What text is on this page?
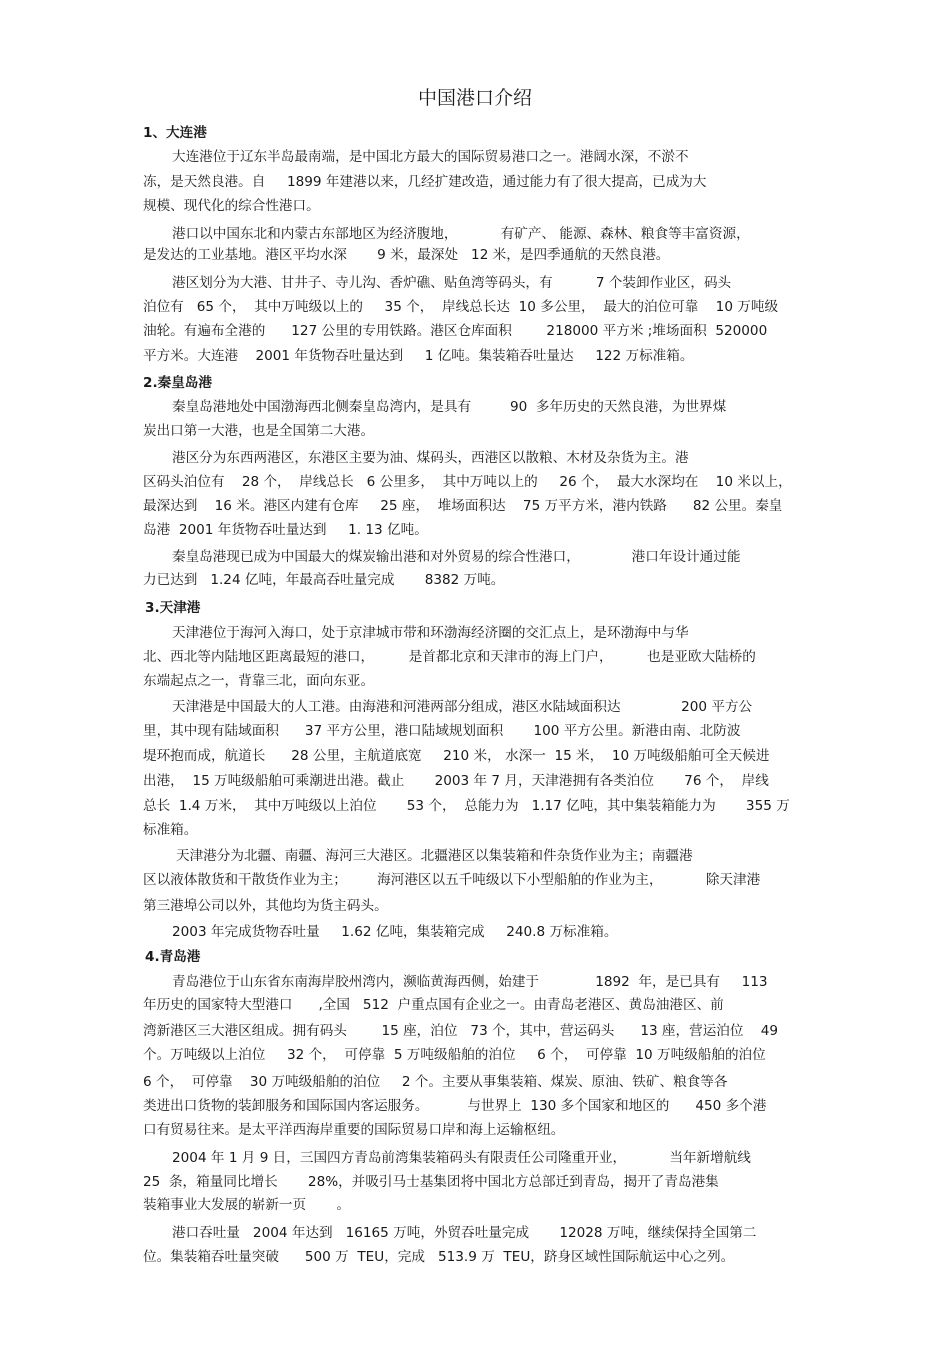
中国港口介绍
1、大连港
大连港位于辽东半岛最南端，是中国北方最大的国际贸易港口之一。港阔水深，不淤不
冻，是天然良港。自     1899 年建港以来，几经扩建改造，通过能力有了很大提高，已成为大
规模、现代化的综合性港口。
港口以中国东北和内蒙古东部地区为经济腹地，          有矿产、 能源、森林、粮食等丰富资源，
是发达的工业基地。港区平均水深       9 米，最深处   12 米，是四季通航的天然良港。
港区划分为大港、甘井子、寺儿沟、香炉礁、贴鱼湾等码头，有          7 个装卸作业区，码头
泊位有   65 个，  其中万吨级以上的     35 个，  岸线总长达  10 多公里，  最大的泊位可靠    10 万吨级
油轮。有遍布全港的      127 公里的专用铁路。港区仓库面积        218000 平方米 ;堆场面积  520000
平方米。大连港    2001 年货物吞吐量达到     1 亿吨。集装箱吞吐量达     122 万标准箱。
2.秦皇岛港
秦皇岛港地处中国渤海西北侧秦皇岛湾内，是具有         90  多年历史的天然良港，为世界煤
炭出口第一大港，也是全国第二大港。
港区分为东西两港区，东港区主要为油、煤码头，西港区以散粮、木材及杂货为主。港
区码头泊位有    28 个，  岸线总长   6 公里多，  其中万吨以上的     26 个，  最大水深均在    10 米以上，
最深达到    16 米。港区内建有仓库     25 座，  堆场面积达    75 万平方米，港内铁路      82 公里。秦皇
岛港  2001 年货物吞吐量达到     1. 13 亿吨。
秦皇岛港现已成为中国最大的煤炭输出港和对外贸易的综合性港口，            港口年设计通过能
力已达到   1.24 亿吨，年最高吞吐量完成       8382 万吨。
3.天津港
天津港位于海河入海口，处于京津城市带和环渤海经济圈的交汇点上，是环渤海中与华
北、西北等内陆地区距离最短的港口，        是首都北京和天津市的海上门户，        也是亚欧大陆桥的
东端起点之一，背靠三北，面向东亚。
天津港是中国最大的人工港。由海港和河港两部分组成，港区水陆域面积达              200 平方公
里，其中现有陆域面积      37 平方公里，港口陆域规划面积       100 平方公里。新港由南、北防波
堤环抱而成，航道长      28 公里，主航道底宽     210 米， 水深一  15 米，  10 万吨级船舶可全天候进
出港，  15 万吨级船舶可乘潮进出港。截止       2003 年 7 月，天津港拥有各类泊位       76 个，  岸线
总长  1.4 万米，  其中万吨级以上泊位       53 个，  总能力为   1.17 亿吨，其中集装箱能力为       355 万
标准箱。
天津港分为北疆、南疆、海河三大港区。北疆港区以集装箱和件杂货作业为主；南疆港
区以液体散货和干散货作业为主；       海河港区以五千吨级以下小型船舶的作业为主，          除天津港
第三港埠公司以外，其他均为货主码头。
2003 年完成货物吞吐量     1.62 亿吨，集装箱完成     240.8 万标准箱。
4.青岛港
青岛港位于山东省东南海岸胶州湾内，濒临黄海西侧，始建于             1892  年，是已具有     113
年历史的国家特大型港口      ,全国   512  户重点国有企业之一。由青岛老港区、黄岛油港区、前
湾新港区三大港区组成。拥有码头        15 座，泊位   73 个，其中，营运码头      13 座，营运泊位    49
个。万吨级以上泊位     32 个，  可停靠  5 万吨级船舶的泊位     6 个，  可停靠  10 万吨级船舶的泊位
6 个，  可停靠    30 万吨级船舶的泊位     2 个。主要从事集装箱、煤炭、原油、铁矿、粮食等各
类进出口货物的装卸服务和国际国内客运服务。         与世界上  130 多个国家和地区的      450 多个港
口有贸易往来。是太平洋西海岸重要的国际贸易口岸和海上运输枢纽。
2004 年 1 月 9 日，三国四方青岛前湾集装箱码头有限责任公司隆重开业，          当年新增航线
25  条，箱量同比增长       28%，并吸引马士基集团将中国北方总部迁到青岛，揭开了青岛港集
装箱事业大发展的崭新一页       。
港口吞吐量   2004 年达到   16165 万吨，外贸吞吐量完成       12028 万吨，继续保持全国第二
位。集装箱吞吐量突破      500 万  TEU，完成   513.9 万  TEU，跻身区域性国际航运中心之列。
